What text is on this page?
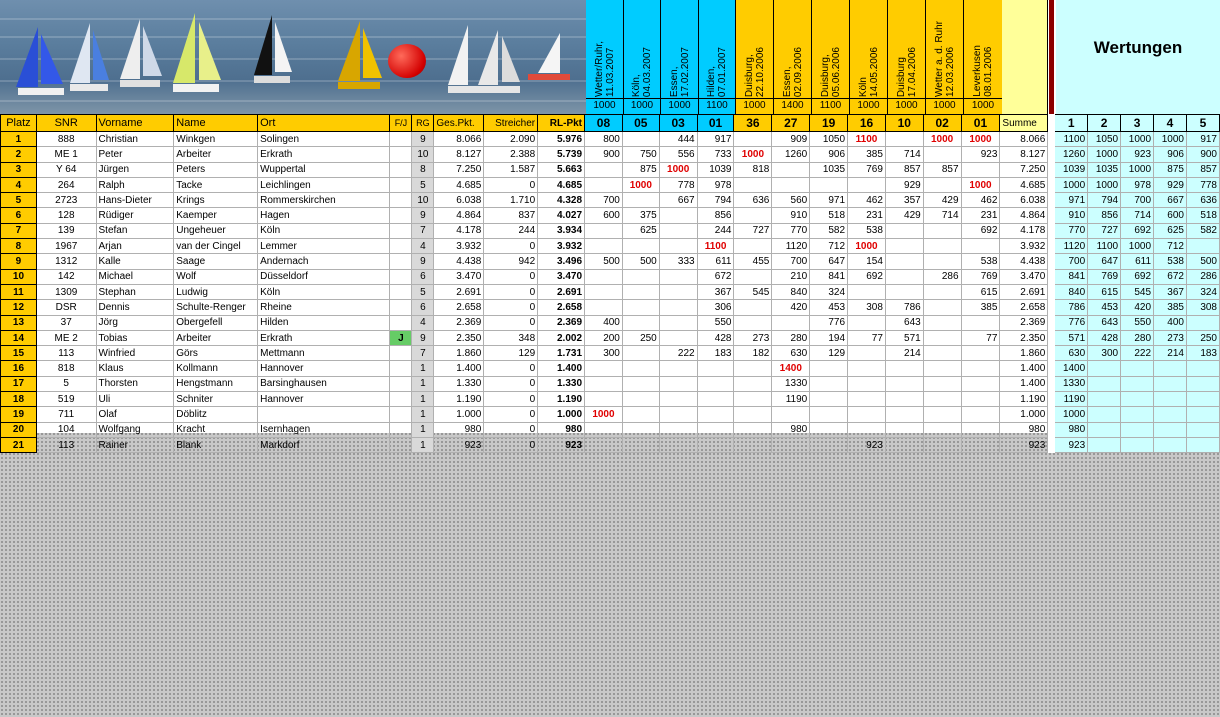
Wetter/Ruhr,
11.03.2007
1000
Köln,
04.03.2007
1000
Essen,
17.02.2007
1000
Hilden,
07.01.2007
1100
Duisburg,
22.10.2006
1000
Essen,
02.09.2006
1400
Duisburg,
05.06.2006
1100
Köln
14.05.2006
1000
Duisburg
17.04.2006
1000
Wetter a. d. Ruhr
12.03.2006
1000
Leverkusen
08.01.2006
1000
Wertungen
Platz	SNR	Vorname	Name	Ort	F/J	RG	Ges.Pkt.	Streicher	RL-Pkt	08	05	03	01	36	27	19	16	10	02	01	Summe		1	2	3	4	5
1	888	Christian	Winkgen	Solingen		9	8.066	2.090	5.976	800		444	917		909	1050	1100		1000	1000	8.066		1100	1050	1000	1000	917
2	ME 1	Peter	Arbeiter	Erkrath		10	8.127	2.388	5.739	900	750	556	733	1000	1260	906	385	714		923	8.127		1260	1000	923	906	900
3	Y 64	Jürgen	Peters	Wuppertal		8	7.250	1.587	5.663		875	1000	1039	818		1035	769	857	857		7.250		1039	1035	1000	875	857
4	264	Ralph	Tacke	Leichlingen		5	4.685	0	4.685		1000	778	978					929		1000	4.685		1000	1000	978	929	778
5	2723	Hans-Dieter	Krings	Rommerskirchen		10	6.038	1.710	4.328	700		667	794	636	560	971	462	357	429	462	6.038		971	794	700	667	636
6	128	Rüdiger	Kaemper	Hagen		9	4.864	837	4.027	600	375		856		910	518	231	429	714	231	4.864		910	856	714	600	518
7	139	Stefan	Ungeheuer	Köln		7	4.178	244	3.934		625		244	727	770	582	538			692	4.178		770	727	692	625	582
8	1967	Arjan	van der Cingel	Lemmer		4	3.932	0	3.932				1100		1120	712	1000				3.932		1120	1100	1000	712	
9	1312	Kalle	Saage	Andernach		9	4.438	942	3.496	500	500	333	611	455	700	647	154			538	4.438		700	647	611	538	500
10	142	Michael	Wolf	Düsseldorf		6	3.470	0	3.470				672		210	841	692		286	769	3.470		841	769	692	672	286
11	1309	Stephan	Ludwig	Köln		5	2.691	0	2.691				367	545	840	324				615	2.691		840	615	545	367	324
12	DSR	Dennis	Schulte-Renger	Rheine		6	2.658	0	2.658				306		420	453	308	786		385	2.658		786	453	420	385	308
13	37	Jörg	Obergefell	Hilden		4	2.369	0	2.369	400			550			776		643			2.369		776	643	550	400	
14	ME 2	Tobias	Arbeiter	Erkrath	J	9	2.350	348	2.002	200	250		428	273	280	194	77	571		77	2.350		571	428	280	273	250
15	113	Winfried	Görs	Mettmann		7	1.860	129	1.731	300		222	183	182	630	129		214			1.860		630	300	222	214	183
16	818	Klaus	Kollmann	Hannover		1	1.400	0	1.400						1400						1.400		1400				
17	5	Thorsten	Hengstmann	Barsinghausen		1	1.330	0	1.330						1330						1.400		1330				
18	519	Uli	Schniter	Hannover		1	1.190	0	1.190						1190						1.190		1190				
19	711	Olaf	Döblitz			1	1.000	0	1.000	1000											1.000		1000				
20	104	Wolfgang	Kracht	Isernhagen		1	980	0	980						980						980		980				
21	113	Rainer	Blank	Markdorf		1	923	0	923								923				923		923				
